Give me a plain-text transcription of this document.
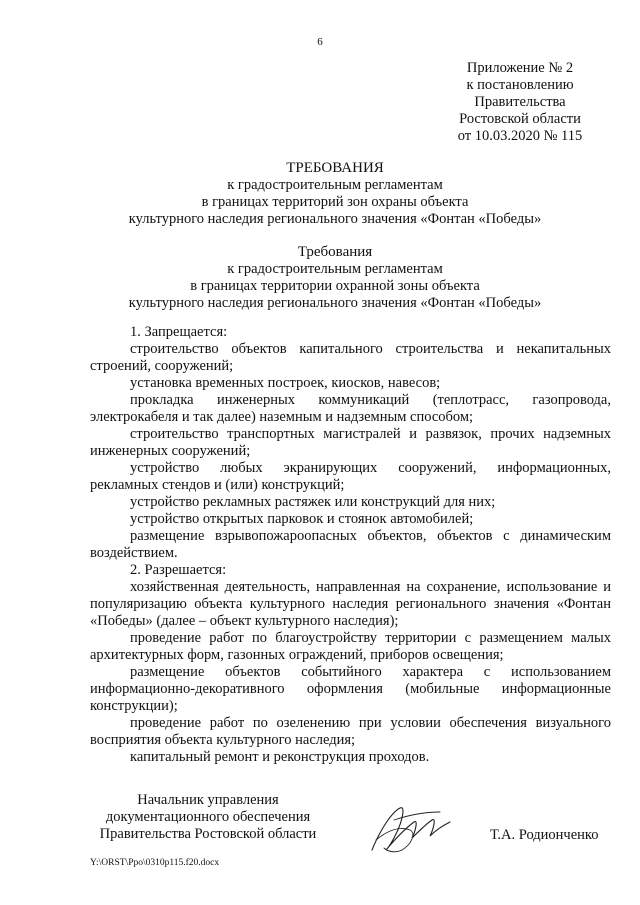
6
Приложение № 2
к постановлению
Правительства
Ростовской области
от 10.03.2020 № 115
ТРЕБОВАНИЯ
к градостроительным регламентам
в границах территорий зон охраны объекта
культурного наследия регионального значения «Фонтан «Победы»
Требования
к градостроительным регламентам
в границах территории охранной зоны объекта
культурного наследия регионального значения «Фонтан «Победы»

1. Запрещается:

строительство объектов капитального строительства и некапитальных строений, сооружений;

установка временных построек, киосков, навесов;

прокладка инженерных коммуникаций (теплотрасс, газопровода, электрокабеля и так далее) наземным и надземным способом;

строительство транспортных магистралей и развязок, прочих надземных инженерных сооружений;

устройство любых экранирующих сооружений, информационных, рекламных стендов и (или) конструкций;

устройство рекламных растяжек или конструкций для них;

устройство открытых парковок и стоянок автомобилей;

размещение взрывопожароопасных объектов, объектов с динамическим воздействием.

2. Разрешается:

хозяйственная деятельность, направленная на сохранение, использование и популяризацию объекта культурного наследия регионального значения «Фонтан «Победы» (далее – объект культурного наследия);

проведение работ по благоустройству территории с размещением малых архитектурных форм, газонных ограждений, приборов освещения;

размещение объектов событийного характера с использованием информационно-декоративного оформления (мобильные информационные конструкции);

проведение работ по озеленению при условии обеспечения визуального восприятия объекта культурного наследия;

капитальный ремонт и реконструкция проходов.

Начальник управления
документационного обеспечения
Правительства Ростовской области	Т.А. Родионченко
Y:\ORST\Ppo\0310p115.f20.docx
